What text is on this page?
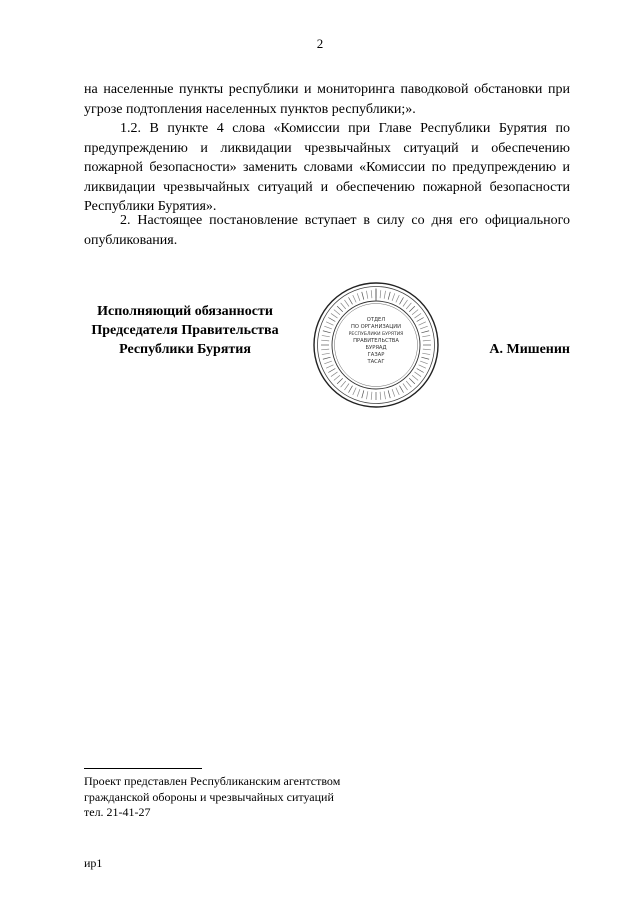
2

на населенные пункты республики и мониторинга паводковой обстановки при угрозе подтопления населенных пунктов республики;».

1.2. В пункте 4 слова «Комиссии при Главе Республики Бурятия по предупреждению и ликвидации чрезвычайных ситуаций и обеспечению пожарной безопасности» заменить словами «Комиссии по предупреждению и ликвидации чрезвычайных ситуаций и обеспечению пожарной безопасности Республики Бурятия».

2. Настоящее постановление вступает в силу со дня его официального опубликования.

Исполняющий обязанности
Председателя Правительства
Республики Бурятия
ОТДЕЛ
ПО ОРГАНИЗАЦИИ
РЕСПУБЛИКИ БУРЯТИЯ
ПРАВИТЕЛЬСТВА
БУРЯАД
ГАЗАР
ТАСАГ
А. Мишенин
Проект представлен Республиканским агентством
гражданской обороны и чрезвычайных ситуаций
тел. 21-41-27
ир1
